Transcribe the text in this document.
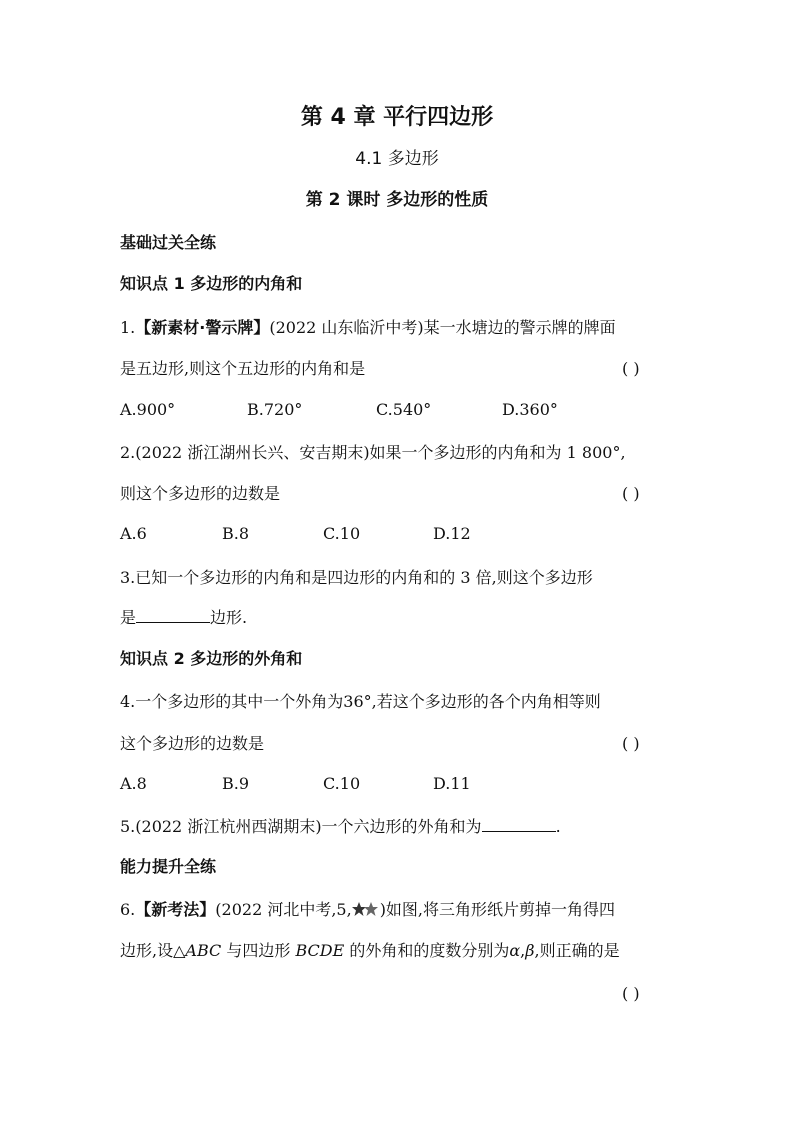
第 4 章 平行四边形
4.1 多边形
第 2 课时 多边形的性质
基础过关全练
知识点 1 多边形的内角和
1.【新素材·警示牌】(2022 山东临沂中考)某一水塘边的警示牌的牌面
是五边形,则这个五边形的内角和是	( )
A.900°	B.720°	C.540°	D.360°
2.(2022 浙江湖州长兴、安吉期末)如果一个多边形的内角和为 1 800°,
则这个多边形的边数是	( )
A.6	B.8	C.10	D.12
3.已知一个多边形的内角和是四边形的内角和的 3 倍,则这个多边形
是	边形.
知识点 2 多边形的外角和
4.一个多边形的其中一个外角为36°,若这个多边形的各个内角相等则
这个多边形的边数是	( )
A.8	B.9	C.10	D.11
5.(2022 浙江杭州西湖期末)一个六边形的外角和为	.
能力提升全练
6.【新考法】(2022 河北中考,5, )如图,将三角形纸片剪掉一角得四
边形,设△ABC 与四边形 BCDE 的外角和的度数分别为α,β,则正确的是
( )
